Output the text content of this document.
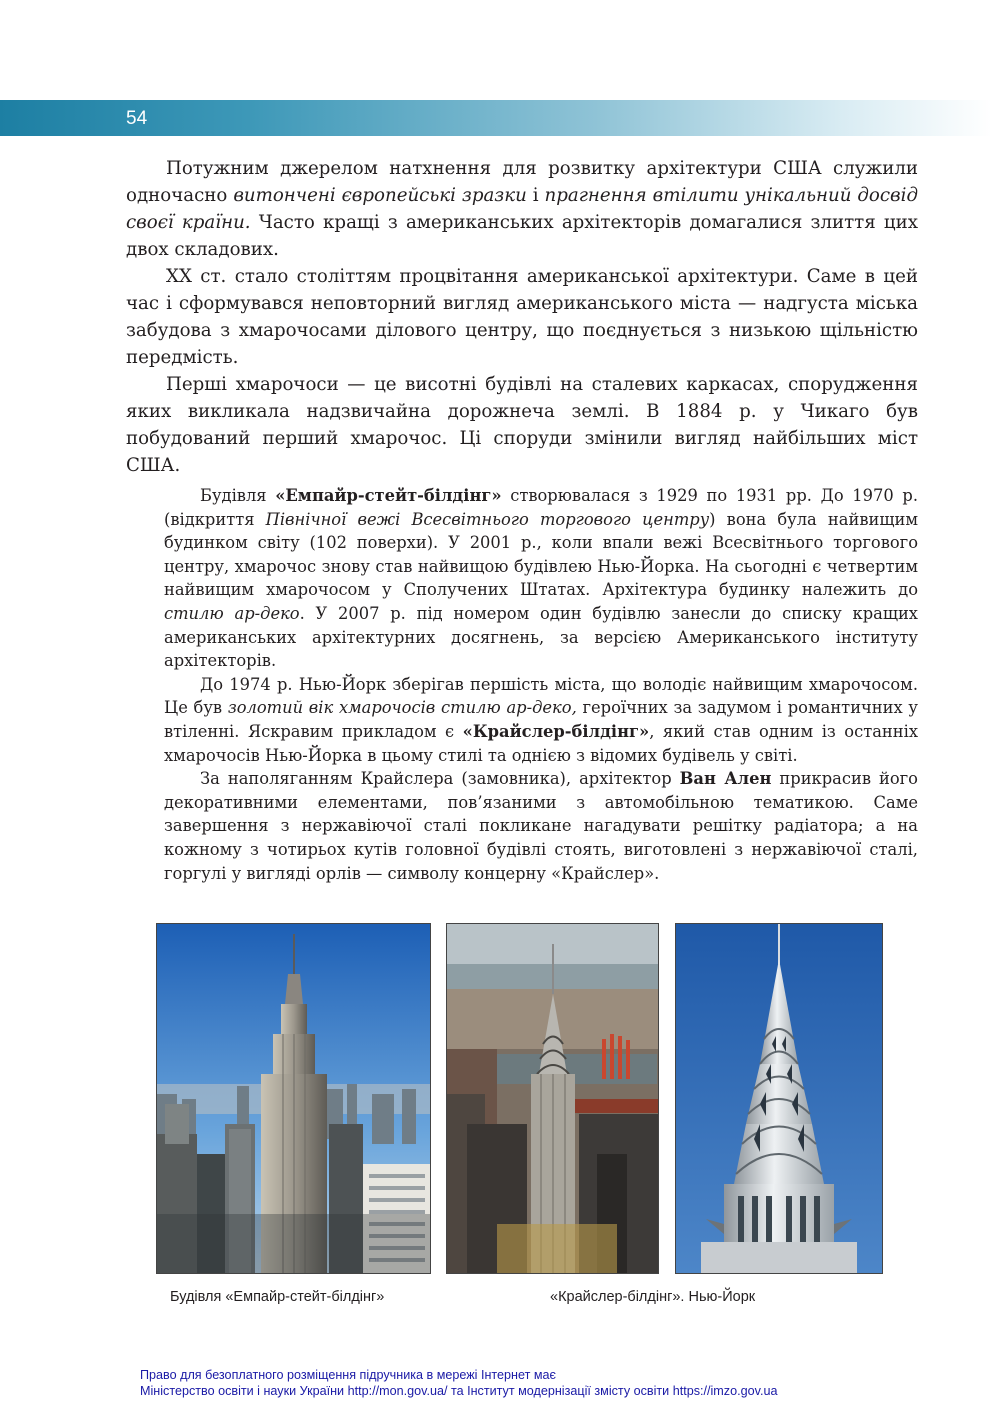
54

Потужним джерелом натхнення для розвитку архітектури США служили одночасно витончені європейські зразки і прагнення втілити унікальний досвід своєї країни. Часто кращі з американських архітекторів домагалися злиття цих двох складових.

XX ст. стало століттям процвітання американської архітектури. Саме в цей час і сформувався неповторний вигляд американського міста — надгуста міська забудова з хмарочосами ділового центру, що поєднується з низькою щільністю передмість.

Перші хмарочоси — це висотні будівлі на сталевих каркасах, спорудження яких викликала надзвичайна дорожнеча землі. В 1884 р. у Чикаго був побудований перший хмарочос. Ці споруди змінили вигляд найбільших міст США.

Будівля «Емпайр-стейт-білдінг» створювалася з 1929 по 1931 рр. До 1970 р. (відкриття Північної вежі Всесвітнього торгового центру) вона була найвищим будинком світу (102 поверхи). У 2001 р., коли впали вежі Всесвітнього торгового центру, хмарочос знову став найвищою будівлею Нью-Йорка. На сьогодні є четвертим найвищим хмарочосом у Сполучених Штатах. Архітектура будинку належить до стилю ар-деко. У 2007 р. під номером один будівлю занесли до списку кращих американських архітектурних досягнень, за версією Американського інституту архітекторів.

До 1974 р. Нью-Йорк зберігав першість міста, що володіє найвищим хмарочосом. Це був золотий вік хмарочосів стилю ар-деко, героїчних за задумом і романтичних у втіленні. Яскравим прикладом є «Крайслер-білдінг», який став одним із останніх хмарочосів Нью-Йорка в цьому стилі та однією з відомих будівель у світі.

За наполяганням Крайслера (замовника), архітектор Ван Ален прикрасив його декоративними елементами, пов’язаними з автомобільною тематикою. Саме завершення з нержавіючої сталі покликане нагадувати решітку радіатора; а на кожному з чотирьох кутів головної будівлі стоять, виготовлені з нержавіючої сталі, горгулі у вигляді орлів — символу концерну «Крайслер».

Будівля «Емпайр-стейт-білдінг»	«Крайслер-білдінг». Нью-Йорк
Право для безоплатного розміщення підручника в мережі Інтернет має
Міністерство освіти і науки України http://mon.gov.ua/ та Інститут модернізації змісту освіти https://imzo.gov.ua
